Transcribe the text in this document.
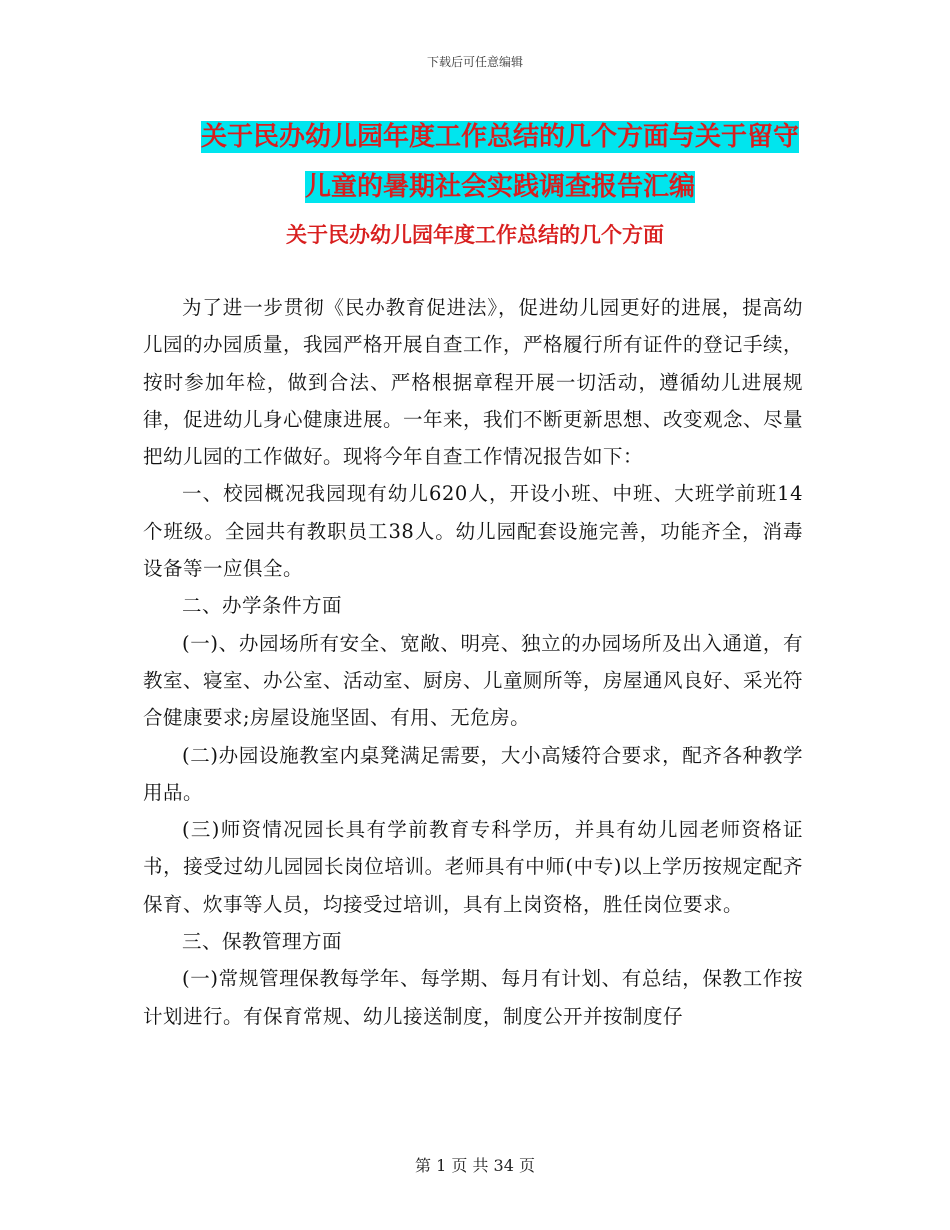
下载后可任意编辑
关于民办幼儿园年度工作总结的几个方面与关于留守
儿童的暑期社会实践调查报告汇编
关于民办幼儿园年度工作总结的几个方面

为了进一步贯彻《民办教育促进法》，促进幼儿园更好的进展，提高幼儿园的办园质量，我园严格开展自查工作，严格履行所有证件的登记手续，按时参加年检，做到合法、严格根据章程开展一切活动，遵循幼儿进展规律，促进幼儿身心健康进展。一年来，我们不断更新思想、改变观念、尽量把幼儿园的工作做好。现将今年自查工作情况报告如下：

一、校园概况我园现有幼儿620人，开设小班、中班、大班学前班14个班级。全园共有教职员工38人。幼儿园配套设施完善，功能齐全，消毒设备等一应俱全。

二、办学条件方面

(一)、办园场所有安全、宽敞、明亮、独立的办园场所及出入通道，有教室、寝室、办公室、活动室、厨房、儿童厕所等，房屋通风良好、采光符合健康要求;房屋设施坚固、有用、无危房。

(二)办园设施教室内桌凳满足需要，大小高矮符合要求，配齐各种教学用品。

(三)师资情况园长具有学前教育专科学历，并具有幼儿园老师资格证书，接受过幼儿园园长岗位培训。老师具有中师(中专)以上学历按规定配齐保育、炊事等人员，均接受过培训，具有上岗资格，胜任岗位要求。

三、保教管理方面

(一)常规管理保教每学年、每学期、每月有计划、有总结，保教工作按计划进行。有保育常规、幼儿接送制度，制度公开并按制度仔

第 1 页 共 34 页
